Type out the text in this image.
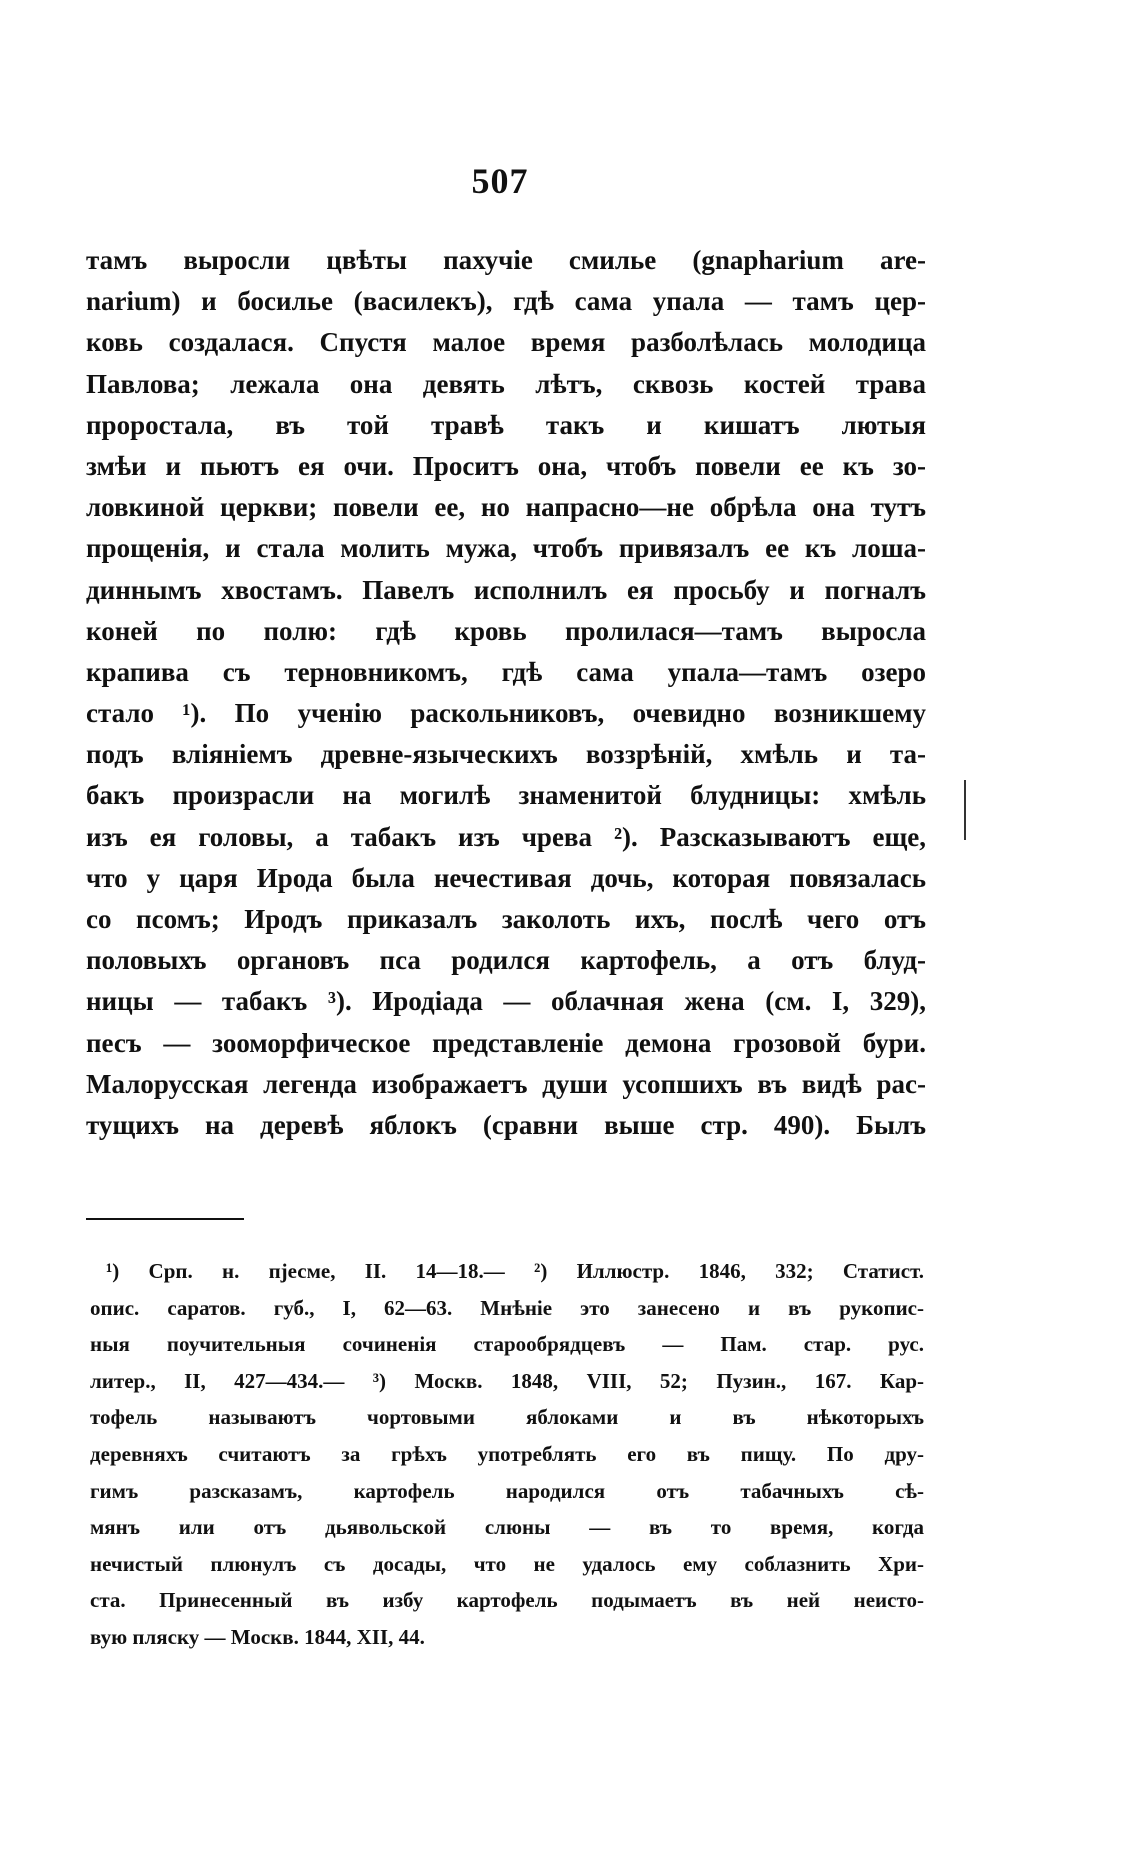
507
тамъ выросли цвѣты пахучіе смилье (gnapharium are-
narium) и босилье (василекъ), гдѣ сама упала — тамъ цер-
ковь создалася. Спустя малое время разболѣлась молодица
Павлова; лежала она девять лѣтъ, сквозь костей трава
проростала, въ той травѣ такъ и кишатъ лютыя
змѣи и пьютъ ея очи. Проситъ она, чтобъ повели ее къ зо-
ловкиной церкви; повели ее, но напрасно—не обрѣла она тутъ
прощенія, и стала молить мужа, чтобъ привязалъ ее къ лоша-
диннымъ хвостамъ. Павелъ исполнилъ ея просьбу и погналъ
коней по полю: гдѣ кровь пролилася—тамъ выросла
крапива съ терновникомъ, гдѣ сама упала—тамъ озеро
стало ¹). По ученію раскольниковъ, очевидно возникшему
подъ вліяніемъ древне-языческихъ воззрѣній, хмѣль и та-
бакъ произрасли на могилѣ знаменитой блудницы: хмѣль
изъ ея головы, а табакъ изъ чрева ²). Разсказываютъ еще,
что у царя Ирода была нечестивая дочь, которая повязалась
со псомъ; Иродъ приказалъ заколоть ихъ, послѣ чего отъ
половыхъ органовъ пса родился картофель, а отъ блуд-
ницы — табакъ ³). Иродіада — облачная жена (см. I, 329),
песъ — зооморфическое представленіе демона грозовой бури.
Малорусская легенда изображаетъ души усопшихъ въ видѣ рас-
тущихъ на деревѣ яблокъ (сравни выше стр. 490). Былъ
¹) Срп. н. пjесме, II. 14—18.— ²) Иллюстр. 1846, 332; Статист.
опис. саратов. губ., I, 62—63. Мнѣніе это занесено и въ рукопис-
ныя поучительныя сочиненія старообрядцевъ — Пам. стар. рус.
литер., II, 427—434.— ³) Москв. 1848, VIII, 52; Пузин., 167. Кар-
тофель называютъ чортовыми яблоками и въ нѣкоторыхъ
деревняхъ считаютъ за грѣхъ употреблять его въ пищу. По дру-
гимъ разсказамъ, картофель народился отъ табачныхъ сѣ-
мянъ или отъ дьявольской слюны — въ то время, когда
нечистый плюнулъ съ досады, что не удалось ему соблазнить Хри-
ста. Принесенный въ избу картофель подымаетъ въ ней неисто-
вую пляску — Москв. 1844, XII, 44.
